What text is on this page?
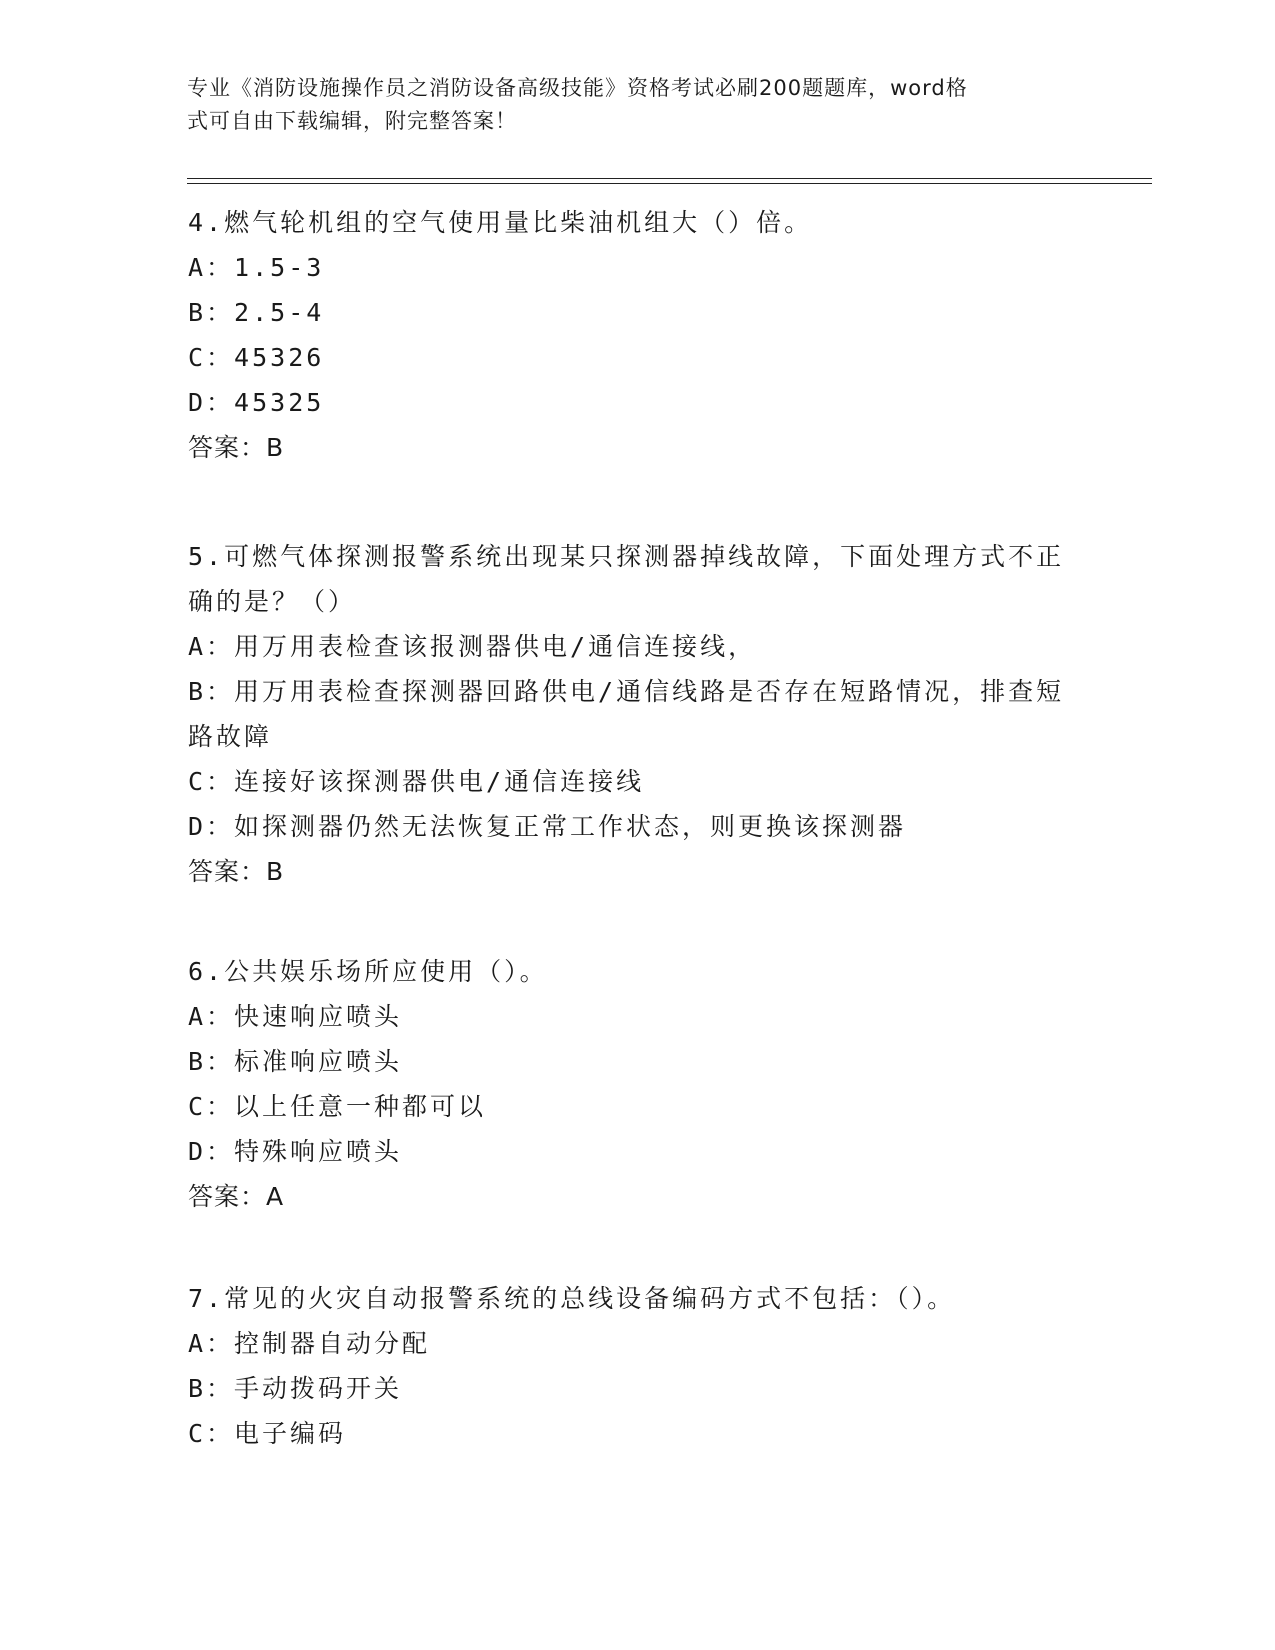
专业《消防设施操作员之消防设备高级技能》资格考试必刷200题题库，word格
式可自由下载编辑，附完整答案！
4.燃气轮机组的空气使用量比柴油机组大（）倍。
A：1.5-3
B：2.5-4
C：45326
D：45325
答案：B
5.可燃气体探测报警系统出现某只探测器掉线故障，下面处理方式不正确的是？（）
A：用万用表检查该报测器供电/通信连接线，
B：用万用表检查探测器回路供电/通信线路是否存在短路情况，排查短路故障
C：连接好该探测器供电/通信连接线
D：如探测器仍然无法恢复正常工作状态，则更换该探测器
答案：B
6.公共娱乐场所应使用（）。
A：快速响应喷头
B：标准响应喷头
C：以上任意一种都可以
D：特殊响应喷头
答案：A
7.常见的火灾自动报警系统的总线设备编码方式不包括：（）。
A：控制器自动分配
B：手动拨码开关
C：电子编码
